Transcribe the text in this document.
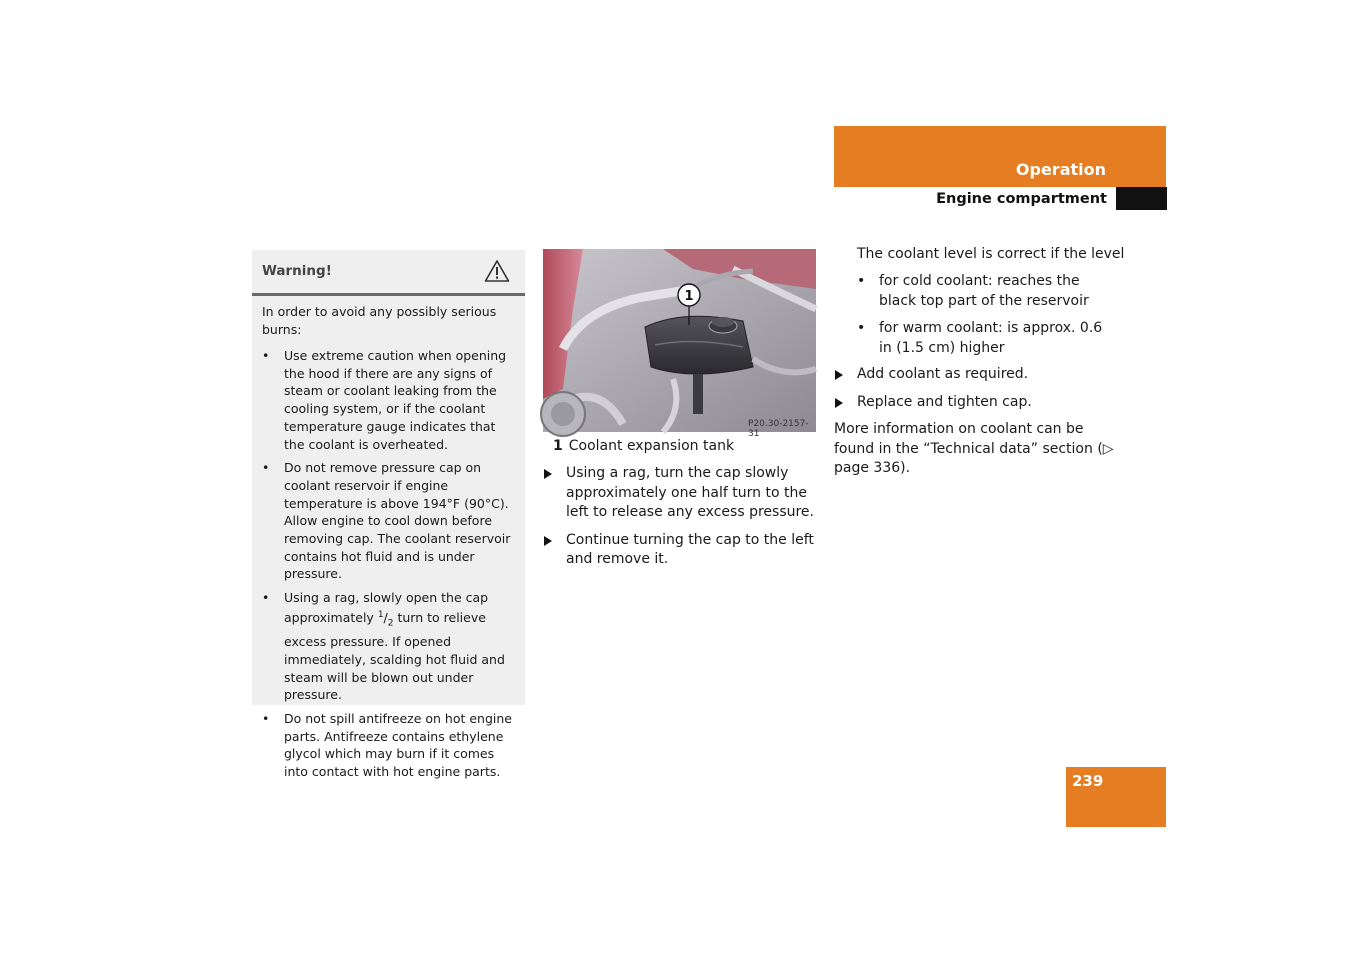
Operation
Engine compartment
Warning!
In order to avoid any possibly serious burns:
• Use extreme caution when opening the hood if there are any signs of steam or coolant leaking from the cooling system, or if the coolant temperature gauge indicates that the coolant is overheated.
• Do not remove pressure cap on coolant reservoir if engine temperature is above 194°F (90°C). Allow engine to cool down before removing cap. The coolant reservoir contains hot fluid and is under pressure.
• Using a rag, slowly open the cap approximately $^1/_2$ turn to relieve excess pressure. If opened immediately, scalding hot fluid and steam will be blown out under pressure.
• Do not spill antifreeze on hot engine parts. Antifreeze contains ethylene glycol which may burn if it comes into contact with hot engine parts.
1
P20.30-2157-31
1 Coolant expansion tank
Using a rag, turn the cap slowly approximately one half turn to the left to release any excess pressure.
Continue turning the cap to the left and remove it.
The coolant level is correct if the level
• for cold coolant: reaches the black top part of the reservoir
• for warm coolant: is approx. 0.6 in (1.5 cm) higher
Add coolant as required.
Replace and tighten cap.
More information on coolant can be found in the “Technical data” section (▷ page 336).
239
